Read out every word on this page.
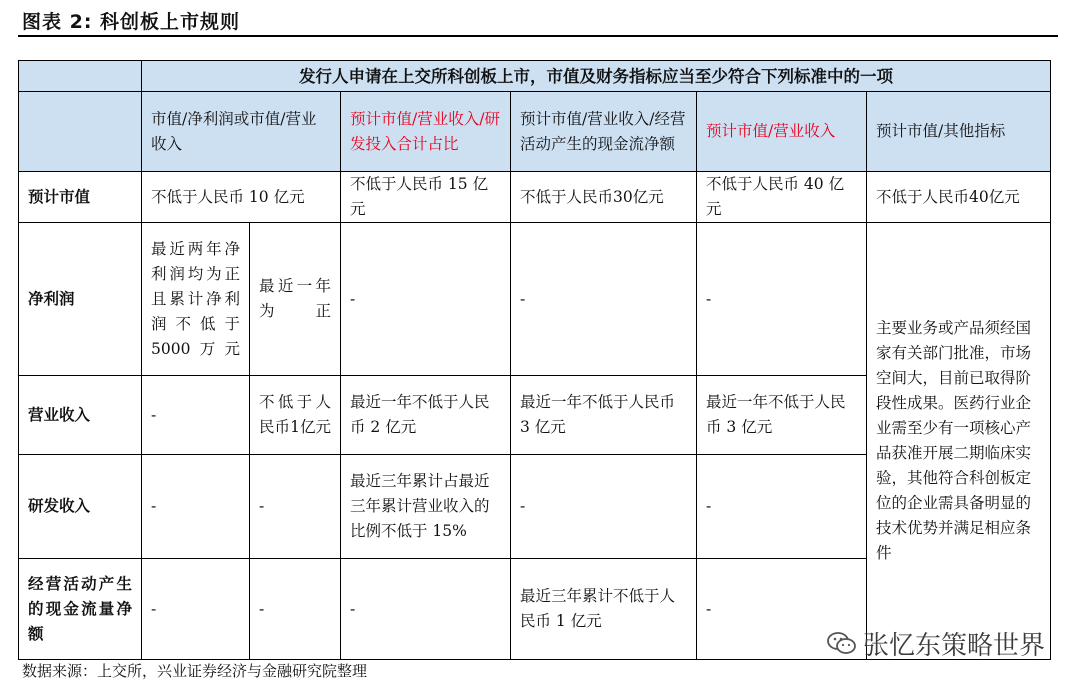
图表 2: 科创板上市规则
	发行人申请在上交所科创板上市，市值及财务指标应当至少符合下列标准中的一项					
	市值/净利润或市值/营业收入		预计市值/营业收入/研发投入合计占比	预计市值/营业收入/经营活动产生的现金流净额	预计市值/营业收入	预计市值/其他指标
预计市值	不低于人民币 10 亿元		不低于人民币 15 亿元	不低于人民币30亿元	不低于人民币 40 亿元	不低于人民币40亿元
净利润	最近两年净利润均为正且累计净利润不低于5000万元	最近一年为正	-	-	-	主要业务或产品须经国家有关部门批准，市场空间大，目前已取得阶段性成果。医药行业企业需至少有一项核心产品获准开展二期临床实验，其他符合科创板定位的企业需具备明显的技术优势并满足相应条件
营业收入	-	不低于人民币1亿元	最近一年不低于人民币 2 亿元	最近一年不低于人民币 3 亿元	最近一年不低于人民币 3 亿元	
研发收入	-	-	最近三年累计占最近三年累计营业收入的比例不低于 15%	-	-	
经营活动产生的现金流量净额	-	-	-	最近三年累计不低于人民币 1 亿元	-	
张忆东策略世界
数据来源：上交所，兴业证券经济与金融研究院整理
